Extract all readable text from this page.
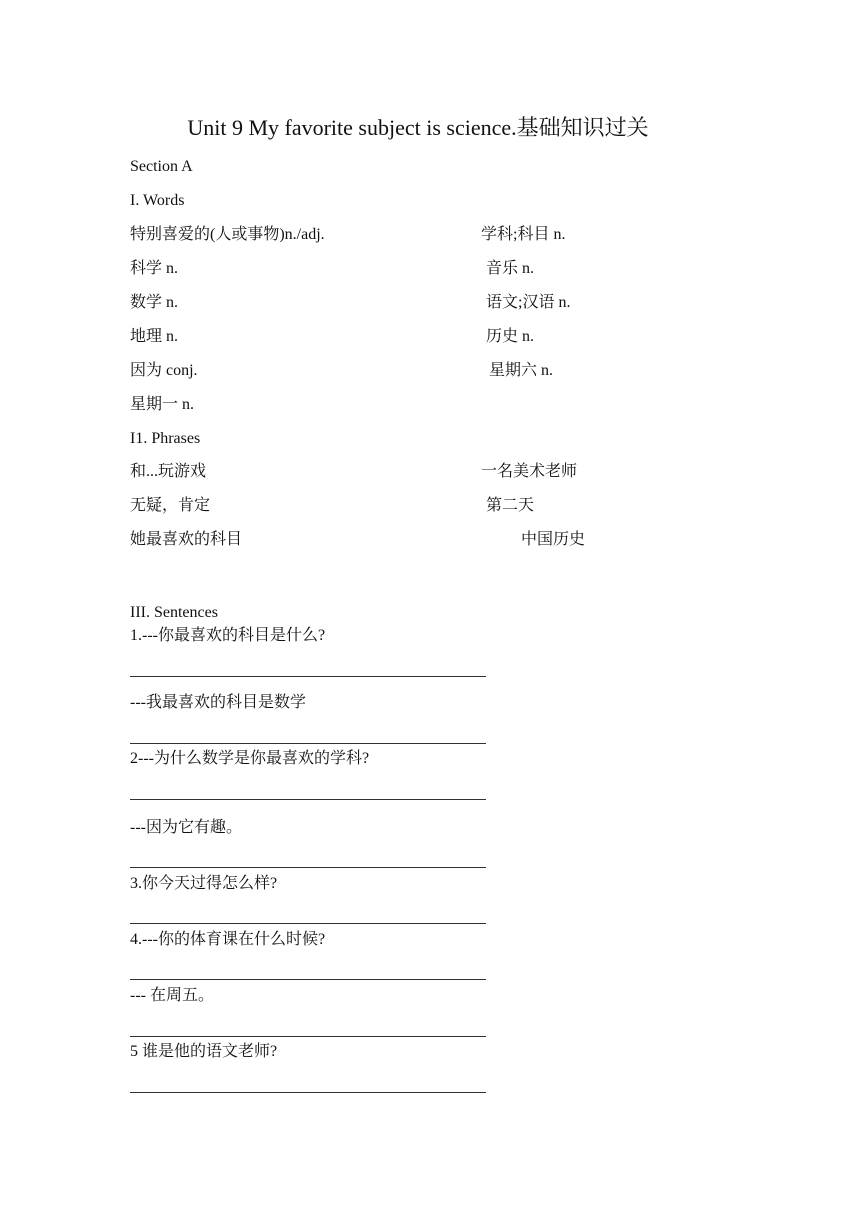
Unit 9 My favorite subject is science.基础知识过关
Section A
I. Words
特别喜爱的(人或事物)n./adj.	学科;科目 n.
科学 n.	音乐 n.
数学 n.	语文;汉语 n.
地理 n.	历史 n.
因为 conj.	星期六 n.
星期一 n.
I1. Phrases
和...玩游戏	一名美术老师
无疑，肯定	第二天
她最喜欢的科目	中国历史
III. Sentences
1.---你最喜欢的科目是什么?
---我最喜欢的科目是数学
2---为什么数学是你最喜欢的学科?
---因为它有趣。
3.你今天过得怎么样?
4.---你的体育课在什么时候?
--- 在周五。
5 谁是他的语文老师?
